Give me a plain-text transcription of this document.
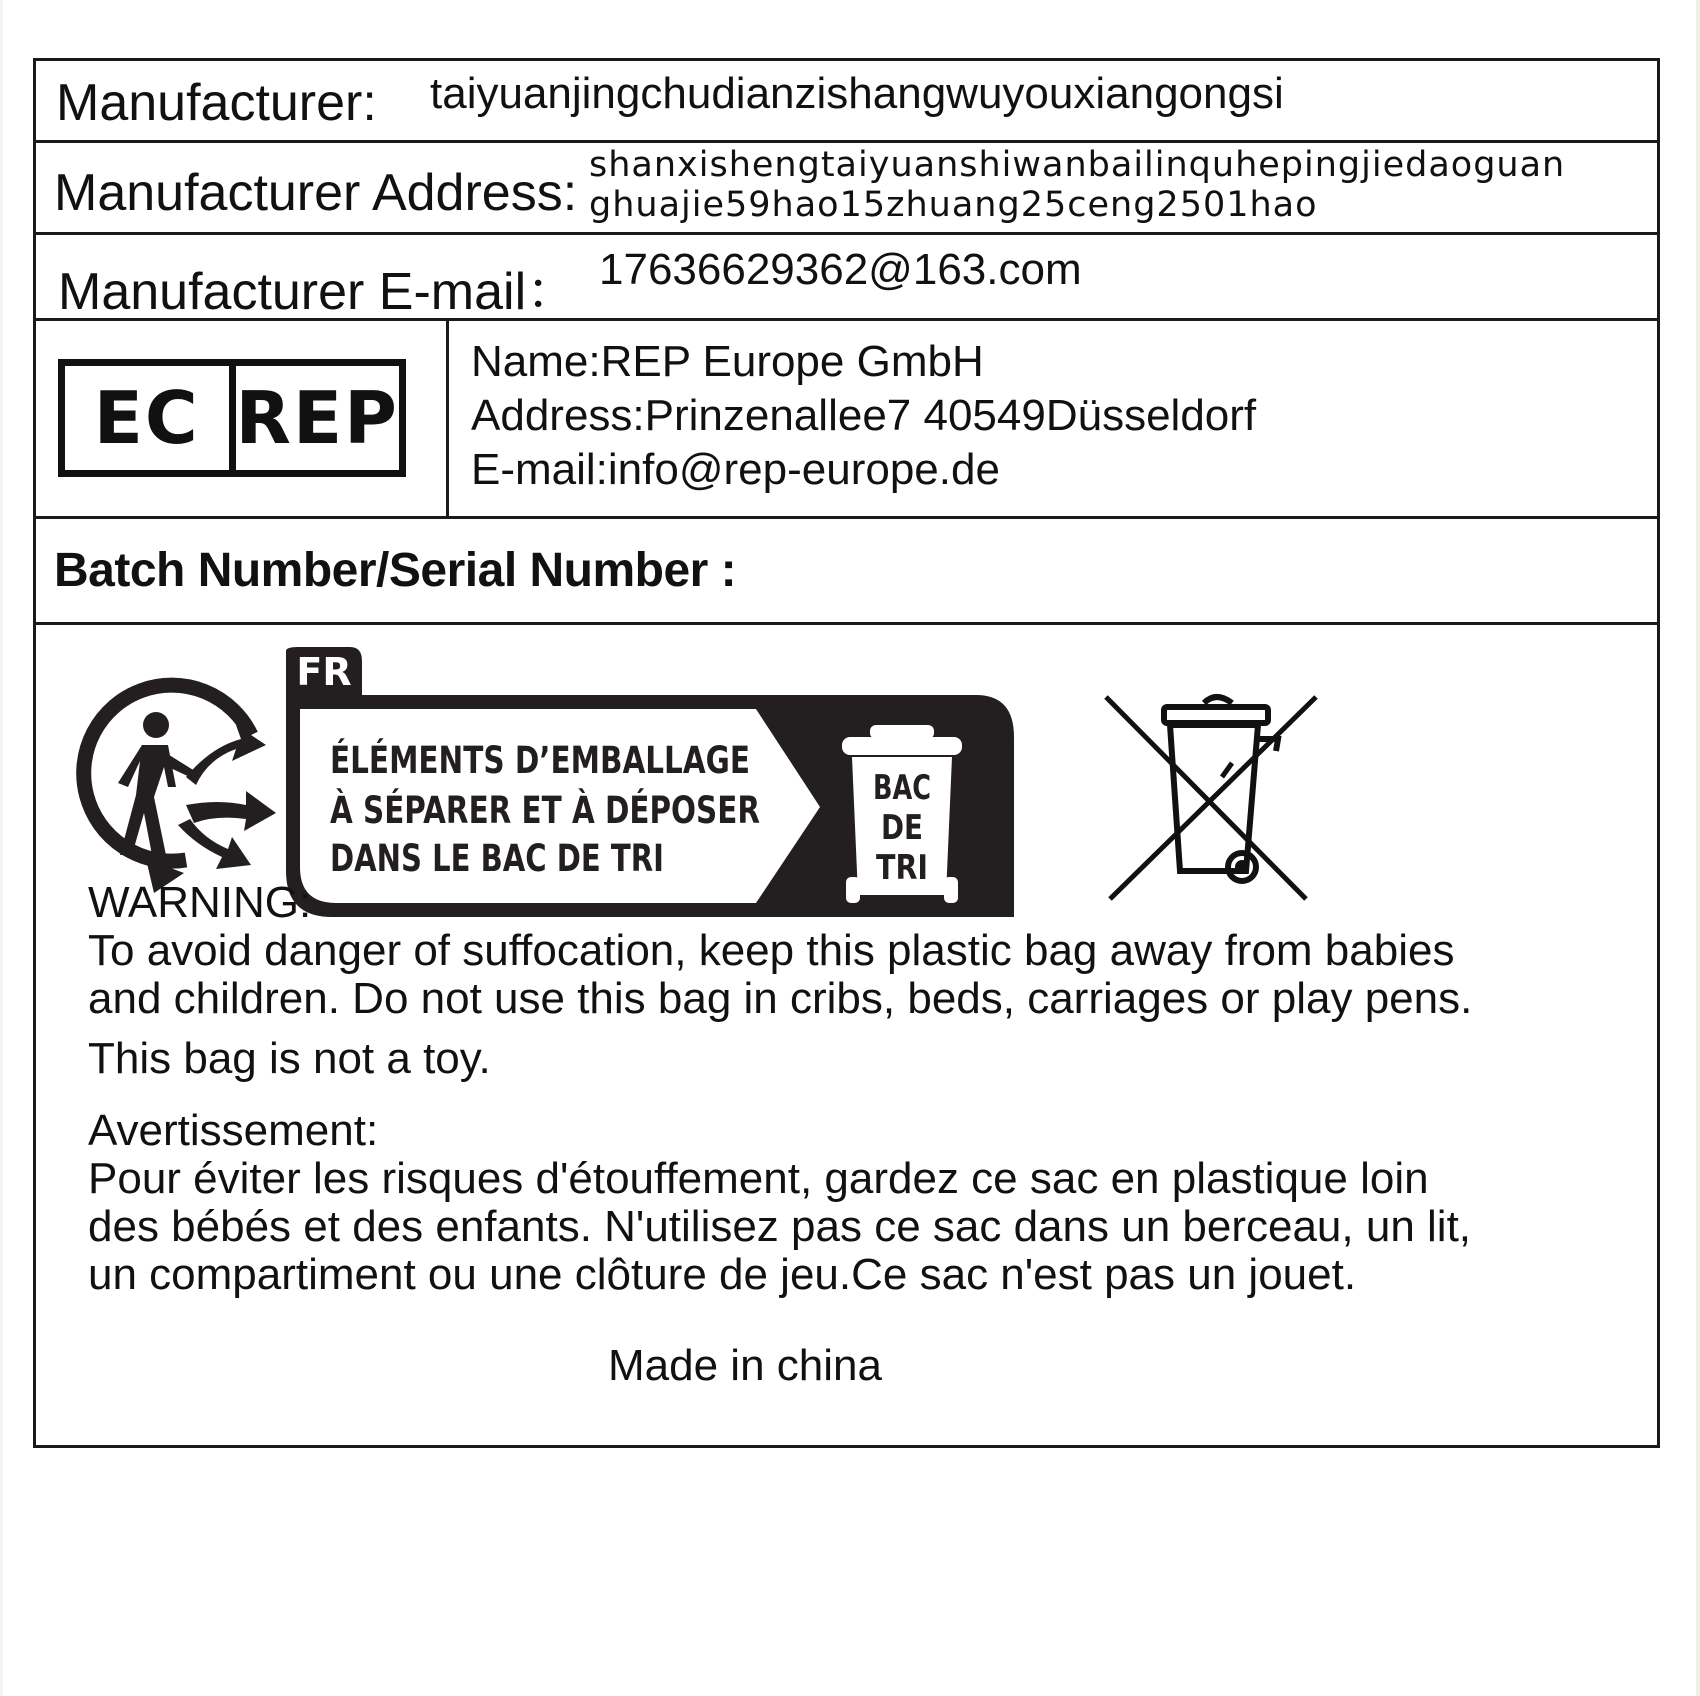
Manufacturer: taiyuanjingchudianzishangwuyouxiangongsi
Manufacturer Address: shanxishengtaiyuanshiwanbailinquhepingjiedaoguan
ghuajie59hao15zhuang25ceng2501hao
Manufacturer E-mail： 17636629362@163.com
EC REP
Name:REP Europe GmbH
Address:Prinzenallee7 40549Düsseldorf
E-mail:info@rep-europe.de
Batch Number/Serial Number :
FR
ÉLÉMENTS D’EMBALLAGE
À SÉPARER ET À DÉPOSER
DANS LE BAC DE TRI
BAC
DE
TRI
WARNING:
To avoid danger of suffocation, keep this plastic bag away from babies
and children. Do not use this bag in cribs, beds, carriages or play pens.
This bag is not a toy.
Avertissement:
Pour éviter les risques d'étouffement, gardez ce sac en plastique loin
des bébés et des enfants. N'utilisez pas ce sac dans un berceau, un lit,
un compartiment ou une clôture de jeu.Ce sac n'est pas un jouet.
Made in china
